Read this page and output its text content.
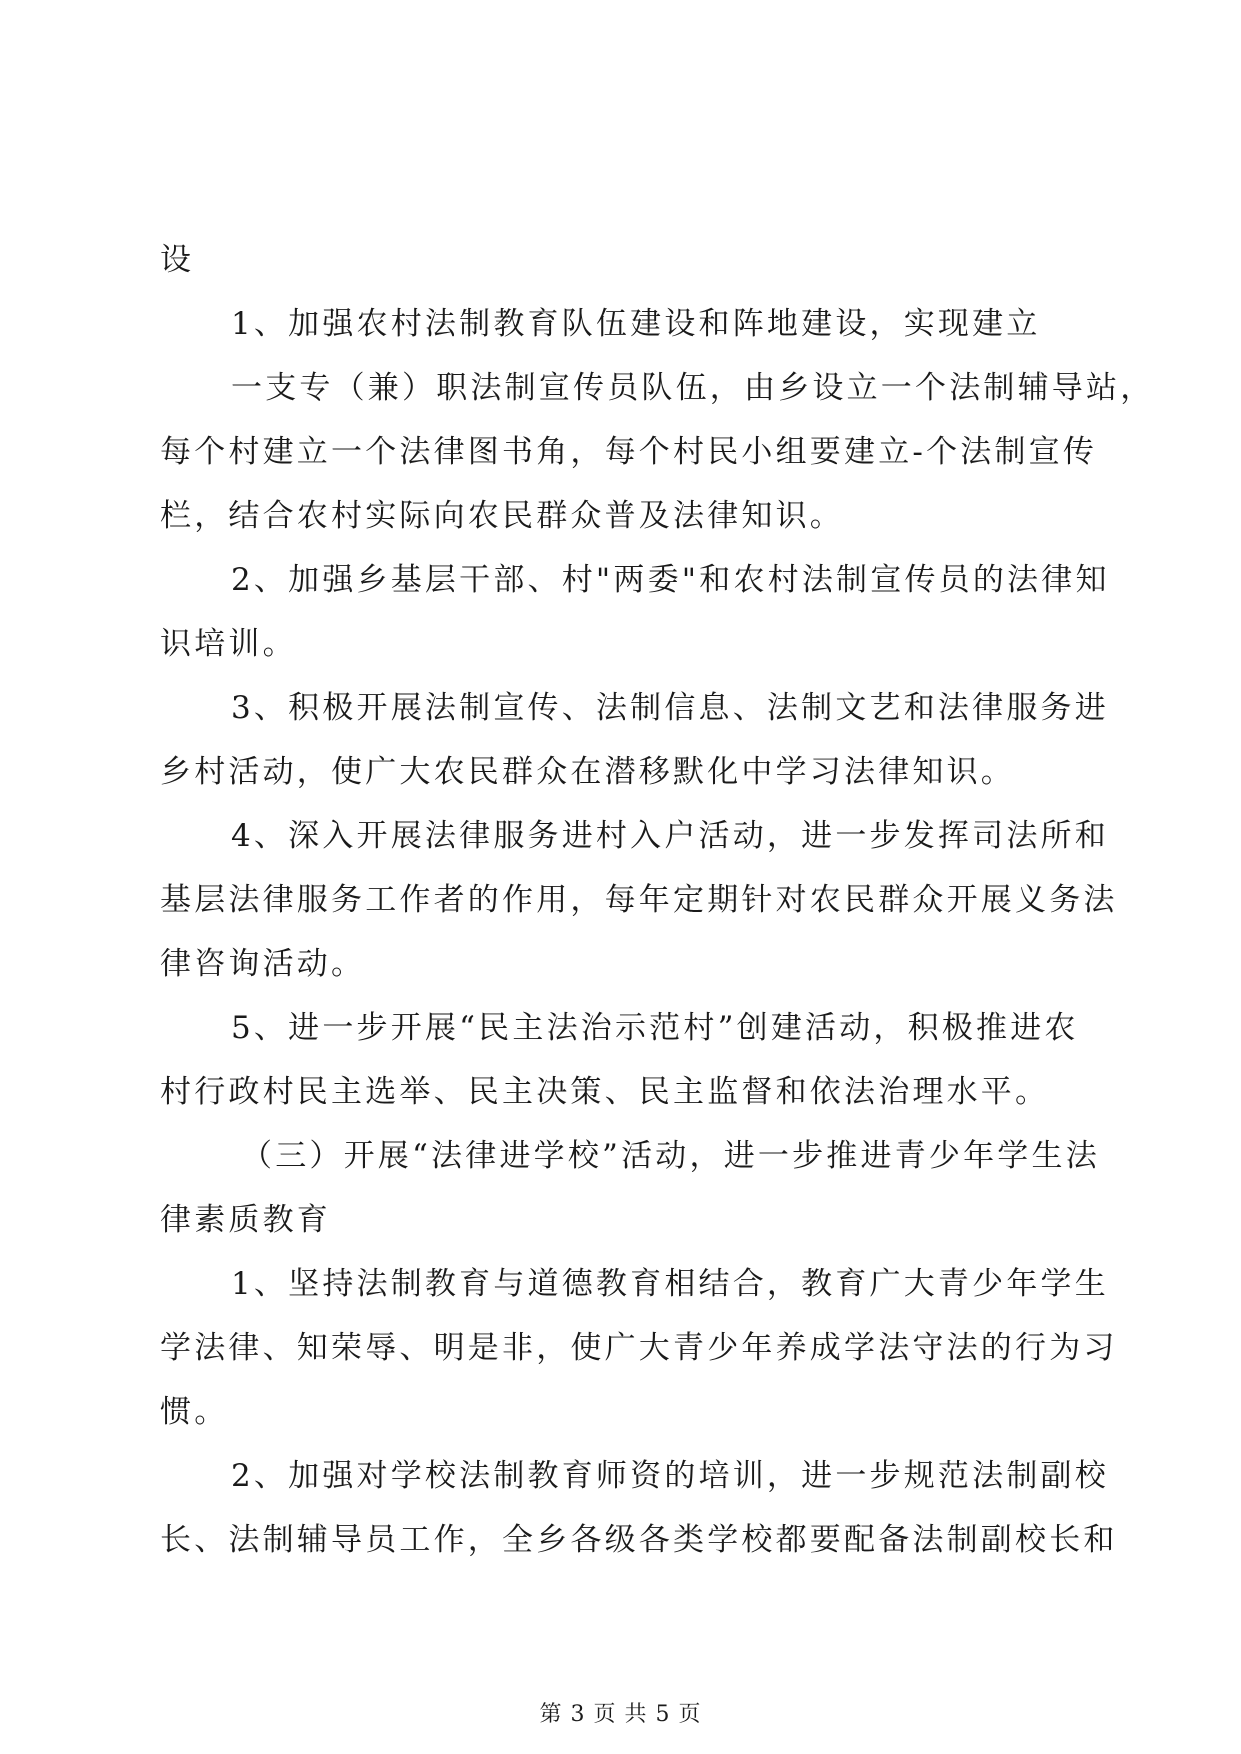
设
1、加强农村法制教育队伍建设和阵地建设，实现建立
一支专（兼）职法制宣传员队伍，由乡设立一个法制辅导站，
每个村建立一个法律图书角，每个村民小组要建立-个法制宣传
栏，结合农村实际向农民群众普及法律知识。
2、加强乡基层干部、村"两委"和农村法制宣传员的法律知
识培训。
3、积极开展法制宣传、法制信息、法制文艺和法律服务进
乡村活动，使广大农民群众在潜移默化中学习法律知识。
4、深入开展法律服务进村入户活动，进一步发挥司法所和
基层法律服务工作者的作用，每年定期针对农民群众开展义务法
律咨询活动。
5、进一步开展“民主法治示范村”创建活动，积极推进农
村行政村民主选举、民主决策、民主监督和依法治理水平。
（三）开展“法律进学校”活动，进一步推进青少年学生法
律素质教育
1、坚持法制教育与道德教育相结合，教育广大青少年学生
学法律、知荣辱、明是非，使广大青少年养成学法守法的行为习
惯。
2、加强对学校法制教育师资的培训，进一步规范法制副校
长、法制辅导员工作，全乡各级各类学校都要配备法制副校长和
第 3 页 共 5 页
